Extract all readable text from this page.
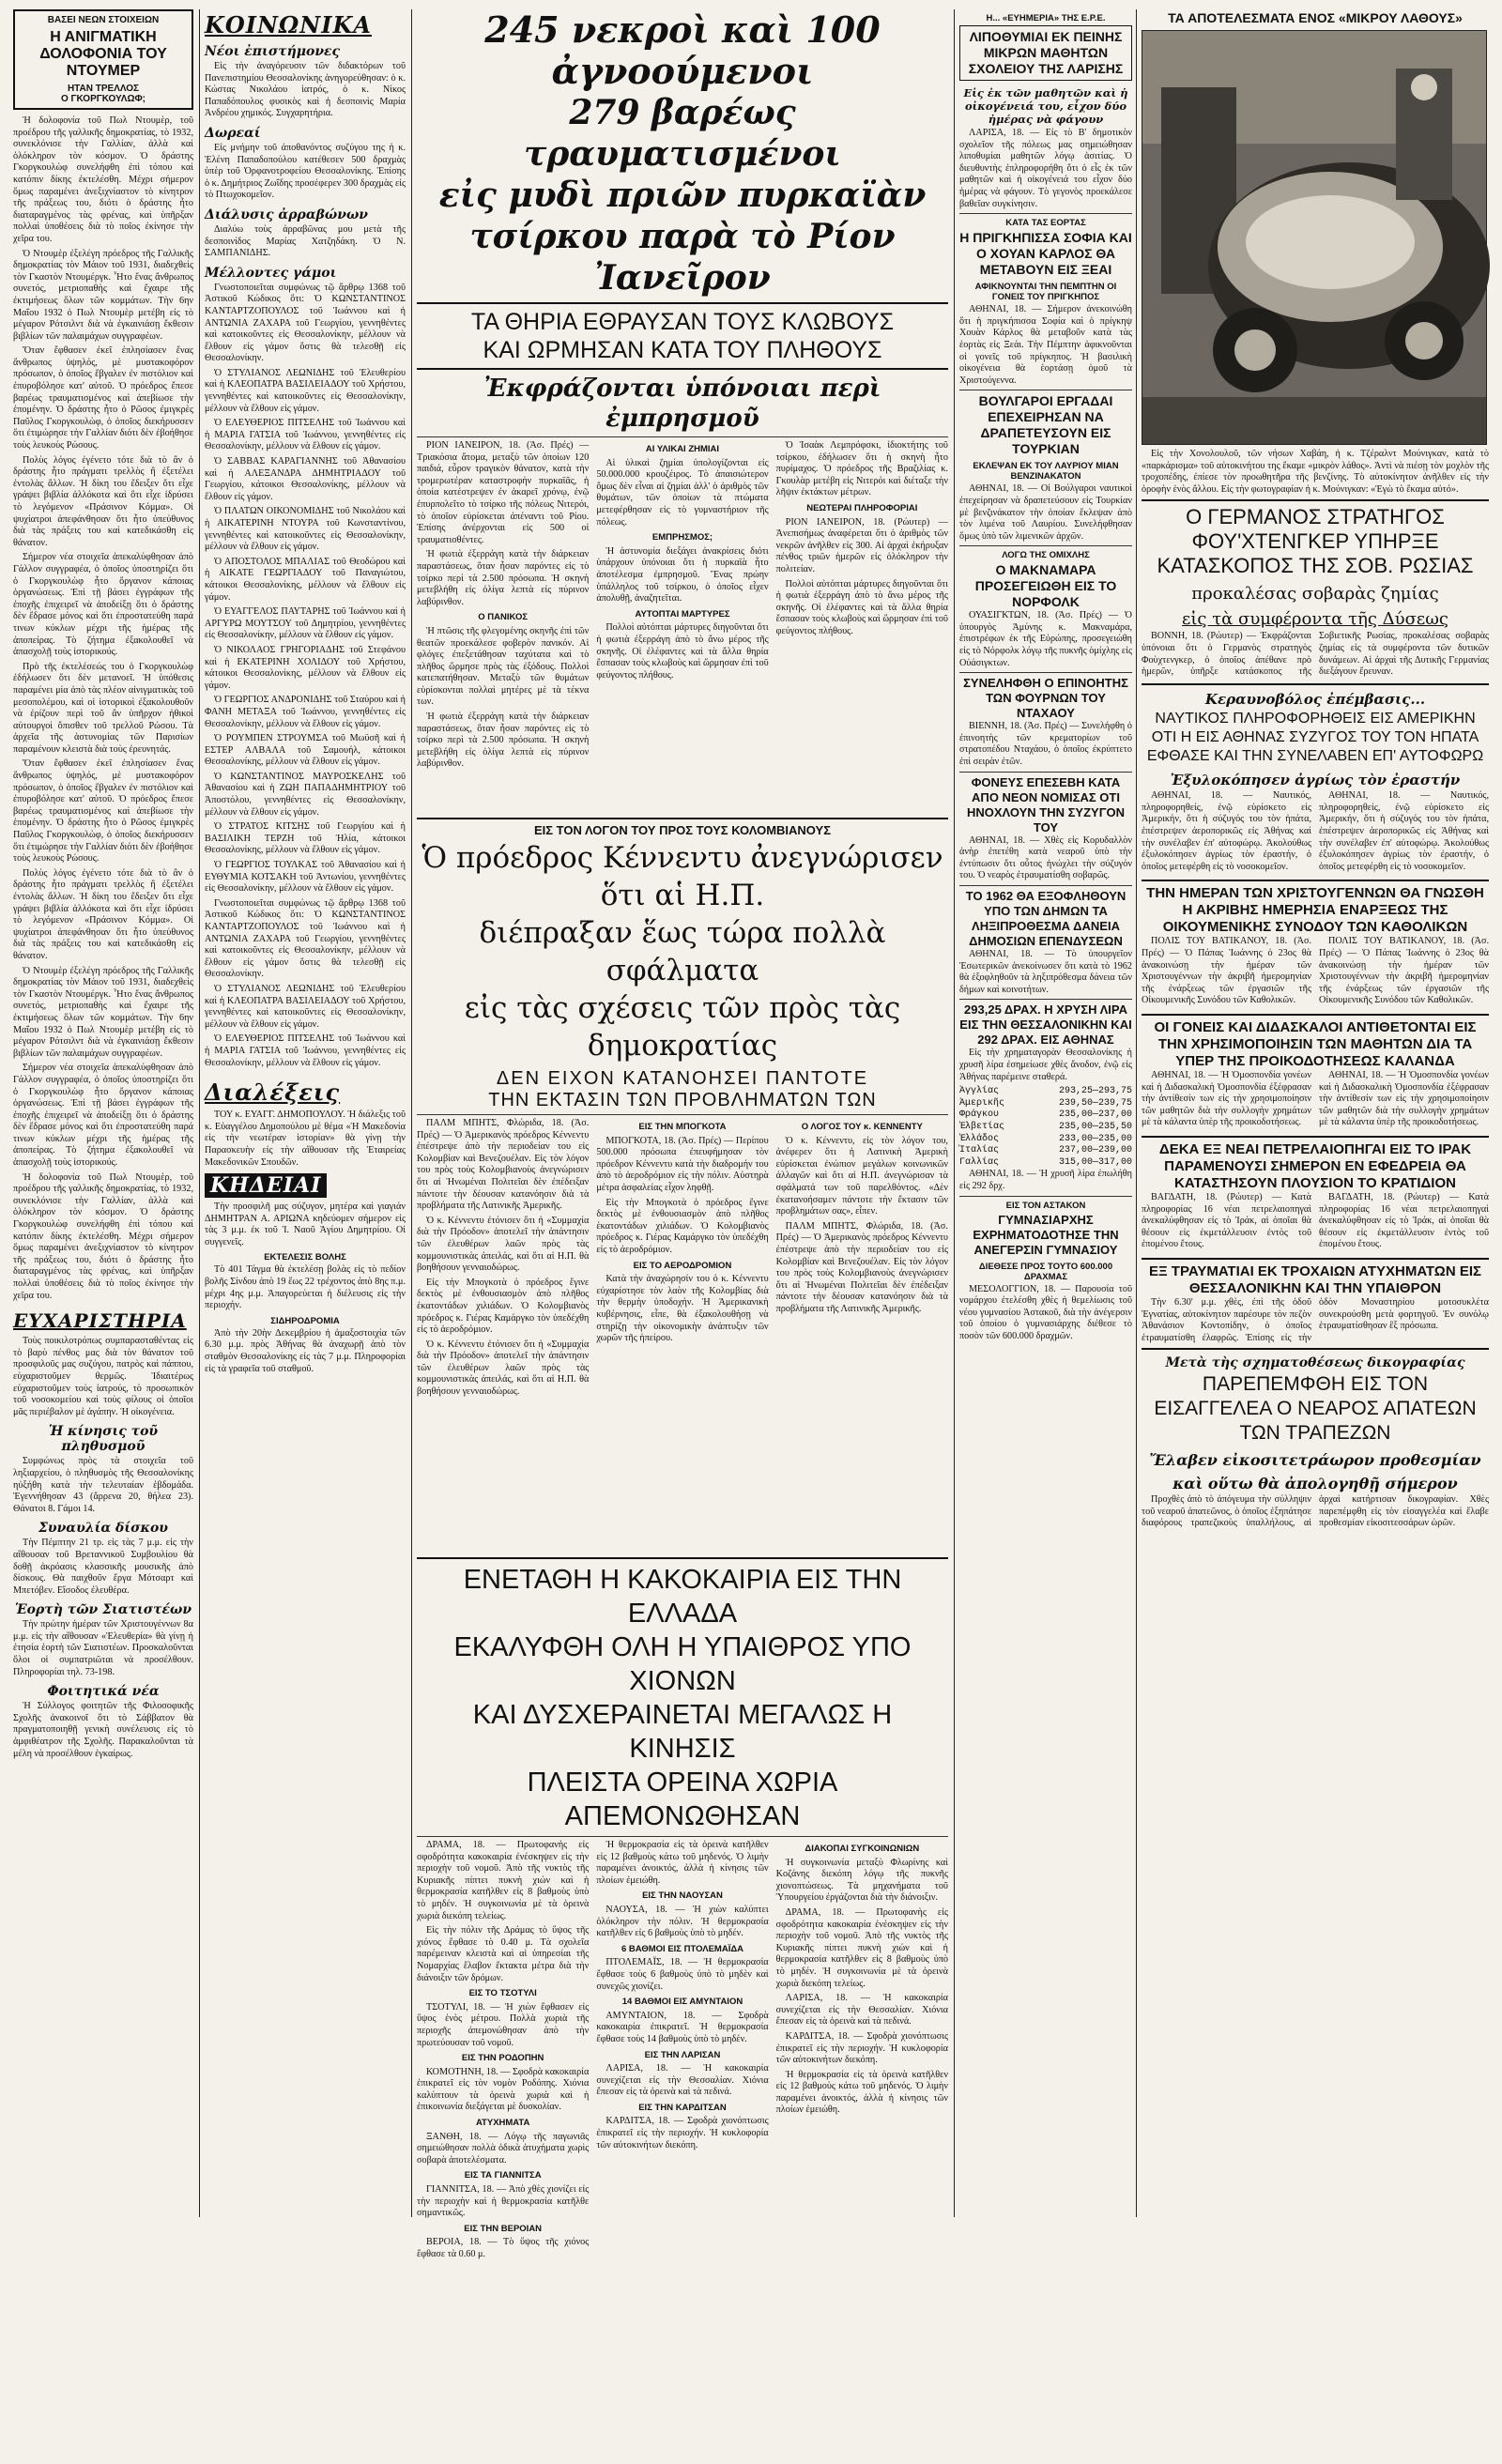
ΒΑΣΕΙ ΝΕΩΝ ΣΤΟΙΧΕΙΩΝ
Η ΑΝΙΓΜΑΤΙΚΗ ΔΟΛΟΦΟΝΙΑ ΤΟΥ ΝΤΟΥΜΕΡ
ΗΤΑΝ ΤΡΕΛΛΟΣ
Ο ΓΚΟΡΓΚΟΥΛΩΦ;

Ἡ δολοφονία τοῦ Πωλ Ντουμὲρ, τοῦ προέδρου τῆς γαλλικῆς δημοκρατίας, τὸ 1932, συνεκλόνισε τὴν Γαλλίαν, ἀλλὰ καὶ ὁλόκληρον τὸν κόσμον. Ὁ δράστης Γκοργκουλὼφ συνελήφθη ἐπὶ τόπου καὶ κατόπιν δίκης ἐκτελέσθη. Μέχρι σήμερον ὅμως παραμένει ἀνεξιχνίαστον τὸ κίνητρον τῆς πράξεως του, διότι ὁ δράστης ἦτο διαταραγμένος τὰς φρένας, καὶ ὑπῆρξαν πολλαὶ ὑποθέσεις διὰ τὸ ποῖος ἐκίνησε τὴν χεῖρα του.

Ὁ Ντουμὲρ ἐξελέγη πρόεδρος τῆς Γαλλικῆς δημοκρατίας τὸν Μάιον τοῦ 1931, διαδεχθεὶς τὸν Γκαστὸν Ντουμέργκ. Ἦτο ἕνας ἄνθρωπος συνετός, μετριοπαθὴς καὶ ἔχαιρε τῆς ἐκτιμήσεως ὅλων τῶν κομμάτων. Τὴν 6ην Μαΐου 1932 ὁ Πωλ Ντουμὲρ μετέβη εἰς τὸ μέγαρον Ρότσιλντ διὰ νὰ ἐγκαινιάσῃ ἔκθεσιν βιβλίων τῶν παλαιμάχων συγγραφέων.

Ὅταν ἔφθασεν ἐκεῖ ἐπλησίασεν ἕνας ἄνθρωπος ὑψηλός, μὲ μυστακοφόρον πρόσωπον, ὁ ὁποῖος ἔβγαλεν ἐν πιστόλιον καὶ ἐπυροβόλησε κατ' αὐτοῦ. Ὁ πρόεδρος ἔπεσε βαρέως τραυματισμένος καὶ ἀπεβίωσε τὴν ἑπομένην. Ὁ δράστης ἦτο ὁ Ρῶσος ἐμιγκρὲς Παῦλος Γκοργκουλὼφ, ὁ ὁποῖος διεκήρυσσεν ὅτι ἐτιμώρησε τὴν Γαλλίαν διότι δὲν ἐβοήθησε τοὺς λευκοὺς Ρώσους.

Πολὺς λόγος ἐγένετο τότε διὰ τὸ ἂν ὁ δράστης ἦτο πράγματι τρελλὸς ἢ ἐξετέλει ἐντολὰς ἄλλων. Ἡ δίκη του ἔδειξεν ὅτι εἶχε γράψει βιβλία ἀλλόκοτα καὶ ὅτι εἶχε ἱδρύσει τὸ λεγόμενον «Πράσινον Κόμμα». Οἱ ψυχίατροι ἀπεφάνθησαν ὅτι ἦτο ὑπεύθυνος διὰ τὰς πράξεις του καὶ κατεδικάσθη εἰς θάνατον.

Σήμερον νέα στοιχεῖα ἀπεκαλύφθησαν ἀπὸ Γάλλον συγγραφέα, ὁ ὁποῖος ὑποστηρίζει ὅτι ὁ Γκοργκουλὼφ ἦτο ὄργανον κάποιας ὀργανώσεως. Ἐπὶ τῇ βάσει ἐγγράφων τῆς ἐποχῆς ἐπιχειρεῖ νὰ ἀποδείξῃ ὅτι ὁ δράστης δὲν ἔδρασε μόνος καὶ ὅτι ἐπροστατεύθη παρά τινων κύκλων μέχρι τῆς ἡμέρας τῆς ἀποπείρας. Τὸ ζήτημα ἐξακολουθεῖ νὰ ἀπασχολῇ τοὺς ἱστορικούς.

Πρὸ τῆς ἐκτελέσεώς του ὁ Γκοργκουλὼφ ἐδήλωσεν ὅτι δὲν μετανοεῖ. Ἡ ὑπόθεσις παραμένει μία ἀπὸ τὰς πλέον αἰνιγματικὰς τοῦ μεσοπολέμου, καὶ οἱ ἱστορικοὶ ἐξακολουθοῦν νὰ ἐρίζουν περὶ τοῦ ἂν ὑπῆρχον ἠθικοὶ αὐτουργοὶ ὄπισθεν τοῦ τρελλοῦ Ρώσου. Τὰ ἀρχεῖα τῆς ἀστυνομίας τῶν Παρισίων παραμένουν κλειστὰ διὰ τοὺς ἐρευνητάς.

Ὅταν ἔφθασεν ἐκεῖ ἐπλησίασεν ἕνας ἄνθρωπος ὑψηλός, μὲ μυστακοφόρον πρόσωπον, ὁ ὁποῖος ἔβγαλεν ἐν πιστόλιον καὶ ἐπυροβόλησε κατ' αὐτοῦ. Ὁ πρόεδρος ἔπεσε βαρέως τραυματισμένος καὶ ἀπεβίωσε τὴν ἑπομένην. Ὁ δράστης ἦτο ὁ Ρῶσος ἐμιγκρὲς Παῦλος Γκοργκουλὼφ, ὁ ὁποῖος διεκήρυσσεν ὅτι ἐτιμώρησε τὴν Γαλλίαν διότι δὲν ἐβοήθησε τοὺς λευκοὺς Ρώσους.

Πολὺς λόγος ἐγένετο τότε διὰ τὸ ἂν ὁ δράστης ἦτο πράγματι τρελλὸς ἢ ἐξετέλει ἐντολὰς ἄλλων. Ἡ δίκη του ἔδειξεν ὅτι εἶχε γράψει βιβλία ἀλλόκοτα καὶ ὅτι εἶχε ἱδρύσει τὸ λεγόμενον «Πράσινον Κόμμα». Οἱ ψυχίατροι ἀπεφάνθησαν ὅτι ἦτο ὑπεύθυνος διὰ τὰς πράξεις του καὶ κατεδικάσθη εἰς θάνατον.

Ὁ Ντουμὲρ ἐξελέγη πρόεδρος τῆς Γαλλικῆς δημοκρατίας τὸν Μάιον τοῦ 1931, διαδεχθεὶς τὸν Γκαστὸν Ντουμέργκ. Ἦτο ἕνας ἄνθρωπος συνετός, μετριοπαθὴς καὶ ἔχαιρε τῆς ἐκτιμήσεως ὅλων τῶν κομμάτων. Τὴν 6ην Μαΐου 1932 ὁ Πωλ Ντουμὲρ μετέβη εἰς τὸ μέγαρον Ρότσιλντ διὰ νὰ ἐγκαινιάσῃ ἔκθεσιν βιβλίων τῶν παλαιμάχων συγγραφέων.

Σήμερον νέα στοιχεῖα ἀπεκαλύφθησαν ἀπὸ Γάλλον συγγραφέα, ὁ ὁποῖος ὑποστηρίζει ὅτι ὁ Γκοργκουλὼφ ἦτο ὄργανον κάποιας ὀργανώσεως. Ἐπὶ τῇ βάσει ἐγγράφων τῆς ἐποχῆς ἐπιχειρεῖ νὰ ἀποδείξῃ ὅτι ὁ δράστης δὲν ἔδρασε μόνος καὶ ὅτι ἐπροστατεύθη παρά τινων κύκλων μέχρι τῆς ἡμέρας τῆς ἀποπείρας. Τὸ ζήτημα ἐξακολουθεῖ νὰ ἀπασχολῇ τοὺς ἱστορικούς.

Ἡ δολοφονία τοῦ Πωλ Ντουμὲρ, τοῦ προέδρου τῆς γαλλικῆς δημοκρατίας, τὸ 1932, συνεκλόνισε τὴν Γαλλίαν, ἀλλὰ καὶ ὁλόκληρον τὸν κόσμον. Ὁ δράστης Γκοργκουλὼφ συνελήφθη ἐπὶ τόπου καὶ κατόπιν δίκης ἐκτελέσθη. Μέχρι σήμερον ὅμως παραμένει ἀνεξιχνίαστον τὸ κίνητρον τῆς πράξεως του, διότι ὁ δράστης ἦτο διαταραγμένος τὰς φρένας, καὶ ὑπῆρξαν πολλαὶ ὑποθέσεις διὰ τὸ ποῖος ἐκίνησε τὴν χεῖρα του.

ΕΥΧΑΡΙΣΤΗΡΙΑ

Τοὺς ποικιλοτρόπως συμπαρασταθέντας εἰς τὸ βαρὺ πένθος μας διὰ τὸν θάνατον τοῦ προσφιλοῦς μας συζύγου, πατρὸς καὶ πάππου, εὐχαριστοῦμεν θερμῶς. Ἰδιαιτέρως εὐχαριστοῦμεν τοὺς ἰατρούς, τὸ προσωπικὸν τοῦ νοσοκομείου καὶ τοὺς φίλους οἱ ὁποῖοι μᾶς περιέβαλον μὲ ἀγάπην. Ἡ οἰκογένεια.

Ἡ κίνησις τοῦ πληθυσμοῦ

Συμφώνως πρὸς τὰ στοιχεῖα τοῦ ληξιαρχείου, ὁ πληθυσμὸς τῆς Θεσσαλονίκης ηὐξήθη κατὰ τὴν τελευταίαν ἑβδομάδα. Ἐγεννήθησαν 43 (ἄρρενα 20, θήλεα 23). Θάνατοι 8. Γάμοι 14.

Συναυλία δίσκου

Τὴν Πέμπτην 21 τρ. εἰς τὰς 7 μ.μ. εἰς τὴν αἴθουσαν τοῦ Βρεταννικοῦ Συμβουλίου θὰ δοθῇ ἀκρόασις κλασσικῆς μουσικῆς ἀπὸ δίσκους. Θὰ παιχθοῦν ἔργα Μότσαρτ καὶ Μπετόβεν. Εἴσοδος ἐλευθέρα.

Ἑορτὴ τῶν Σιατιστέων

Τὴν πρώτην ἡμέραν τῶν Χριστουγέννων 8α μ.μ. εἰς τὴν αἴθουσαν «Ἑλευθερία» θὰ γίνῃ ἡ ἐτησία ἑορτὴ τῶν Σιατιστέων. Προσκαλοῦνται ὅλοι οἱ συμπατριῶται νὰ προσέλθουν. Πληροφορίαι τηλ. 73-198.

Φοιτητικά νέα

Ἡ Σύλλογος φοιτητῶν τῆς Φιλοσοφικῆς Σχολῆς ἀνακοινοῖ ὅτι τὸ Σάββατον θὰ πραγματοποιηθῇ γενικὴ συνέλευσις εἰς τὸ ἀμφιθέατρον τῆς Σχολῆς. Παρακαλοῦνται τὰ μέλη νὰ προσέλθουν ἐγκαίρως.

ΚΟΙΝΩΝΙΚΑ
Νέοι ἐπιστήμονες

Εἰς τὴν ἀναγόρευσιν τῶν διδακτόρων τοῦ Πανεπιστημίου Θεσσαλονίκης ἀνηγορεύθησαν: ὁ κ. Κώστας Νικολάου ἰατρός, ὁ κ. Νίκος Παπαδόπουλος φυσικὸς καὶ ἡ δεσποινὶς Μαρία Ἀνδρέου χημικός. Συγχαρητήρια.

Δωρεαί

Εἰς μνήμην τοῦ ἀποθανόντος συζύγου της ἡ κ. Ἑλένη Παπαδοπούλου κατέθεσεν 500 δραχμὰς ὑπὲρ τοῦ Ὀρφανοτροφείου Θεσσαλονίκης. Ἐπίσης ὁ κ. Δημήτριος Ζωΐδης προσέφερεν 300 δραχμὰς εἰς τὸ Πτωχοκομεῖον.

Διάλυσις ἀρραβώνων

Διαλύω τοὺς ἀρραβῶνας μου μετὰ τῆς δεσποινίδος Μαρίας Χατζηδάκη. Ὁ Ν. ΣΑΜΠΑΝΙΔΗΣ.

Μέλλοντες γάμοι

Γνωστοποιεῖται συμφώνως τῷ ἄρθρῳ 1368 τοῦ Ἀστικοῦ Κώδικος ὅτι: Ὁ ΚΩΝΣΤΑΝΤΙΝΟΣ ΚΑΝΤΑΡΤΖΟΠΟΥΛΟΣ τοῦ Ἰωάννου καὶ ἡ ΑΝΤΩΝΙΑ ΖΑΧΑΡΑ τοῦ Γεωργίου, γεννηθέντες καὶ κατοικοῦντες εἰς Θεσσαλονίκην, μέλλουν νὰ ἔλθουν εἰς γάμον ὅστις θὰ τελεσθῇ εἰς Θεσσαλονίκην.

Ὁ ΣΤΥΛΙΑΝΟΣ ΛΕΩΝΙΔΗΣ τοῦ Ἐλευθερίου καὶ ἡ ΚΛΕΟΠΑΤΡΑ ΒΑΣΙΛΕΙΑΔΟΥ τοῦ Χρήστου, γεννηθέντες καὶ κατοικοῦντες εἰς Θεσσαλονίκην, μέλλουν νὰ ἔλθουν εἰς γάμον.

Ὁ ΕΛΕΥΘΕΡΙΟΣ ΠΙΤΣΕΛΗΣ τοῦ Ἰωάννου καὶ ἡ ΜΑΡΙΑ ΓΑΤΣΙΑ τοῦ Ἰωάννου, γεννηθέντες εἰς Θεσσαλονίκην, μέλλουν νὰ ἔλθουν εἰς γάμον.

Ὁ ΣΑΒΒΑΣ ΚΑΡΑΓΙΑΝΝΗΣ τοῦ Ἀθανασίου καὶ ἡ ΑΛΕΞΑΝΔΡΑ ΔΗΜΗΤΡΙΑΔΟΥ τοῦ Γεωργίου, κάτοικοι Θεσσαλονίκης, μέλλουν νὰ ἔλθουν εἰς γάμον.

Ὁ ΠΛΑΤΩΝ ΟΙΚΟΝΟΜΙΔΗΣ τοῦ Νικολάου καὶ ἡ ΑΙΚΑΤΕΡΙΝΗ ΝΤΟΥΡΑ τοῦ Κωνσταντίνου, γεννηθέντες καὶ κατοικοῦντες εἰς Θεσσαλονίκην, μέλλουν νὰ ἔλθουν εἰς γάμον.

Ὁ ΑΠΟΣΤΟΛΟΣ ΜΠΑΛΙΑΣ τοῦ Θεοδώρου καὶ ἡ ΑΙΚΑΤΕ ΓΕΩΡΓΙΑΔΟΥ τοῦ Παναγιώτου, κάτοικοι Θεσσαλονίκης, μέλλουν νὰ ἔλθουν εἰς γάμον.

Ὁ ΕΥΑΓΓΕΛΟΣ ΠΑΥΤΑΡΗΣ τοῦ Ἰωάννου καὶ ἡ ΑΡΓΥΡΩ ΜΟΥΤΣΟΥ τοῦ Δημητρίου, γεννηθέντες εἰς Θεσσαλονίκην, μέλλουν νὰ ἔλθουν εἰς γάμον.

Ὁ ΝΙΚΟΛΑΟΣ ΓΡΗΓΟΡΙΑΔΗΣ τοῦ Στεφάνου καὶ ἡ ΕΚΑΤΕΡΙΝΗ ΧΟΛΙΔΟΥ τοῦ Χρήστου, κάτοικοι Θεσσαλονίκης, μέλλουν νὰ ἔλθουν εἰς γάμον.

Ὁ ΓΕΩΡΓΙΟΣ ΑΝΔΡΟΝΙΔΗΣ τοῦ Σταύρου καὶ ἡ ΦΑΝΗ ΜΕΤΑΞΑ τοῦ Ἰωάννου, γεννηθέντες εἰς Θεσσαλονίκην, μέλλουν νὰ ἔλθουν εἰς γάμον.

Ὁ ΡΟΥΜΠΕΝ ΣΤΡΟΥΜΣΑ τοῦ Μωϋσῆ καὶ ἡ ΕΣΤΕΡ ΑΛΒΑΛΑ τοῦ Σαμουήλ, κάτοικοι Θεσσαλονίκης, μέλλουν νὰ ἔλθουν εἰς γάμον.

Ὁ ΚΩΝΣΤΑΝΤΙΝΟΣ ΜΑΥΡΟΣΚΕΛΗΣ τοῦ Ἀθανασίου καὶ ἡ ΖΩΗ ΠΑΠΑΔΗΜΗΤΡΙΟΥ τοῦ Ἀποστόλου, γεννηθέντες εἰς Θεσσαλονίκην, μέλλουν νὰ ἔλθουν εἰς γάμον.

Ὁ ΣΤΡΑΤΟΣ ΚΙΤΣΗΣ τοῦ Γεωργίου καὶ ἡ ΒΑΣΙΛΙΚΗ ΤΕΡΖΗ τοῦ Ἠλία, κάτοικοι Θεσσαλονίκης, μέλλουν νὰ ἔλθουν εἰς γάμον.

Ὁ ΓΕΩΡΓΙΟΣ ΤΟΥΛΚΑΣ τοῦ Ἀθανασίου καὶ ἡ ΕΥΘΥΜΙΑ ΚΟΤΣΑΚΗ τοῦ Ἀντωνίου, γεννηθέντες εἰς Θεσσαλονίκην, μέλλουν νὰ ἔλθουν εἰς γάμον.

Γνωστοποιεῖται συμφώνως τῷ ἄρθρῳ 1368 τοῦ Ἀστικοῦ Κώδικος ὅτι: Ὁ ΚΩΝΣΤΑΝΤΙΝΟΣ ΚΑΝΤΑΡΤΖΟΠΟΥΛΟΣ τοῦ Ἰωάννου καὶ ἡ ΑΝΤΩΝΙΑ ΖΑΧΑΡΑ τοῦ Γεωργίου, γεννηθέντες καὶ κατοικοῦντες εἰς Θεσσαλονίκην, μέλλουν νὰ ἔλθουν εἰς γάμον ὅστις θὰ τελεσθῇ εἰς Θεσσαλονίκην.

Ὁ ΣΤΥΛΙΑΝΟΣ ΛΕΩΝΙΔΗΣ τοῦ Ἐλευθερίου καὶ ἡ ΚΛΕΟΠΑΤΡΑ ΒΑΣΙΛΕΙΑΔΟΥ τοῦ Χρήστου, γεννηθέντες καὶ κατοικοῦντες εἰς Θεσσαλονίκην, μέλλουν νὰ ἔλθουν εἰς γάμον.

Ὁ ΕΛΕΥΘΕΡΙΟΣ ΠΙΤΣΕΛΗΣ τοῦ Ἰωάννου καὶ ἡ ΜΑΡΙΑ ΓΑΤΣΙΑ τοῦ Ἰωάννου, γεννηθέντες εἰς Θεσσαλονίκην, μέλλουν νὰ ἔλθουν εἰς γάμον.

Διαλέξεις

ΤΟΥ κ. ΕΥΑΓΓ. ΔΗΜΟΠΟΥΛΟΥ. Ἡ διάλεξις τοῦ κ. Εὐαγγέλου Δημοπούλου μὲ θέμα «Ἡ Μακεδονία εἰς τὴν νεωτέραν ἱστορίαν» θὰ γίνῃ τὴν Παρασκευὴν εἰς τὴν αἴθουσαν τῆς Ἑταιρείας Μακεδονικῶν Σπουδῶν.

ΚΗΔΕΙΑΙ

Τὴν προσφιλῆ μας σύζυγον, μητέρα καὶ γιαγιάν ΔΗΜΗΤΡΑΝ Α. ΑΡΙΩΝΑ κηδεύομεν σήμερον εἰς τὰς 3 μ.μ. ἐκ τοῦ Ἱ. Ναοῦ Ἁγίου Δημητρίου. Οἱ συγγενεῖς.

ΕΚΤΕΛΕΣΙΣ ΒΟΛΗΣ

Τὸ 401 Τάγμα θὰ ἐκτελέσῃ βολὰς εἰς τὸ πεδίον βολῆς Σίνδου ἀπὸ 19 ἕως 22 τρέχοντος ἀπὸ 8ης π.μ. μέχρι 4ης μ.μ. Ἀπαγορεύεται ἡ διέλευσις εἰς τὴν περιοχήν.

ΣΙΔΗΡΟΔΡΟΜΙΑ

Ἀπὸ τὴν 20ὴν Δεκεμβρίου ἡ ἀμαξοστοιχία τῶν 6.30 μ.μ. πρὸς Ἀθήνας θὰ ἀναχωρῇ ἀπὸ τὸν σταθμὸν Θεσσαλονίκης εἰς τὰς 7 μ.μ. Πληροφορίαι εἰς τὰ γραφεῖα τοῦ σταθμοῦ.

245 νεκροὶ καὶ 100 ἀγνοούμενοι
279 βαρέως τραυματισμένοι
εἰς μυδὶ πριῶν πυρκαϊὰν
τσίρκου παρὰ τὸ Ρίον Ἰανεῖρον
ΤΑ ΘΗΡΙΑ ΕΘΡΑΥΣΑΝ ΤΟΥΣ ΚΛΩΒΟΥΣ
ΚΑΙ ΩΡΜΗΣΑΝ ΚΑΤΑ ΤΟΥ ΠΛΗΘΟΥΣ
Ἐκφράζονται ὑπόνοιαι περὶ ἐμπρησμοῦ

ΡΙΟΝ ΙΑΝΕΙΡΟΝ, 18. (Ἀσ. Πρές) — Τριακόσια ἄτομα, μεταξὺ τῶν ὁποίων 120 παιδιά, εὗρον τραγικὸν θάνατον, κατὰ τὴν τρομερωτέραν καταστροφὴν πυρκαϊᾶς, ἡ ὁποία κατέστρεψεν ἐν ἀκαρεῖ χρόνῳ, ἐνῷ ἐπυρπολεῖτο τὸ τσίρκο τῆς πόλεως Νιτερόι, τὸ ὁποῖον εὑρίσκεται ἀπέναντι τοῦ Ρίου. Ἐπίσης ἀνέρχονται εἰς 500 οἱ τραυματισθέντες.

Ἡ φωτιὰ ἐξερράγη κατὰ τὴν διάρκειαν παραστάσεως, ὅταν ἦσαν παρόντες εἰς τὸ τσίρκο περὶ τὰ 2.500 πρόσωπα. Ἡ σκηνὴ μετεβλήθη εἰς ὀλίγα λεπτὰ εἰς πύρινον λαβύρινθον.

Ο ΠΑΝΙΚΟΣ

Ἡ πτῶσις τῆς φλεγομένης σκηνῆς ἐπὶ τῶν θεατῶν προεκάλεσε φοβερὸν πανικόν. Αἱ φλόγες ἐπεξετάθησαν ταχύτατα καὶ τὸ πλῆθος ὥρμησε πρὸς τὰς ἐξόδους. Πολλοὶ κατεπατήθησαν. Μεταξὺ τῶν θυμάτων εὑρίσκονται πολλαὶ μητέρες μὲ τὰ τέκνα των.

Ἡ φωτιὰ ἐξερράγη κατὰ τὴν διάρκειαν παραστάσεως, ὅταν ἦσαν παρόντες εἰς τὸ τσίρκο περὶ τὰ 2.500 πρόσωπα. Ἡ σκηνὴ μετεβλήθη εἰς ὀλίγα λεπτὰ εἰς πύρινον λαβύρινθον.

ΑΙ ΥΛΙΚΑΙ ΖΗΜΙΑΙ

Αἱ ὑλικαὶ ζημίαι ὑπολογίζονται εἰς 50.000.000 κρουζέιρος. Τὸ ἀπαισιώτερον ὅμως δὲν εἶναι αἱ ζημίαι ἀλλ' ὁ ἀριθμὸς τῶν θυμάτων, τῶν ὁποίων τὰ πτώματα μετεφέρθησαν εἰς τὸ γυμναστήριον τῆς πόλεως.

ΕΜΠΡΗΣΜΟΣ;

Ἡ ἀστυνομία διεξάγει ἀνακρίσεις διότι ὑπάρχουν ὑπόνοιαι ὅτι ἡ πυρκαϊὰ ἦτο ἀποτέλεσμα ἐμπρησμοῦ. Ἕνας πρώην ὑπάλληλος τοῦ τσίρκου, ὁ ὁποῖος εἶχεν ἀπολυθῇ, ἀναζητεῖται.

ΑΥΤΟΠΤΑΙ ΜΑΡΤΥΡΕΣ

Πολλοὶ αὐτόπται μάρτυρες διηγοῦνται ὅτι ἡ φωτιὰ ἐξερράγη ἀπὸ τὸ ἄνω μέρος τῆς σκηνῆς. Οἱ ἐλέφαντες καὶ τὰ ἄλλα θηρία ἔσπασαν τοὺς κλωβοὺς καὶ ὥρμησαν ἐπὶ τοῦ φεύγοντος πλήθους.

Ὁ Ἰσαὰκ Λεμπρόφσκι, ἰδιοκτήτης τοῦ τσίρκου, ἐδήλωσεν ὅτι ἡ σκηνὴ ἦτο πυρίμαχος. Ὁ πρόεδρος τῆς Βραζιλίας κ. Γκουλὰρ μετέβη εἰς Νιτερόι καὶ διέταξε τὴν λῆψιν ἐκτάκτων μέτρων.

ΝΕΩΤΕΡΑΙ ΠΛΗΡΟΦΟΡΙΑΙ

ΡΙΟΝ ΙΑΝΕΙΡΟΝ, 18. (Ρώυτερ) — Ἀνεπισήμως ἀναφέρεται ὅτι ὁ ἀριθμὸς τῶν νεκρῶν ἀνῆλθεν εἰς 300. Αἱ ἀρχαὶ ἐκήρυξαν πένθος τριῶν ἡμερῶν εἰς ὁλόκληρον τὴν πολιτείαν.

Πολλοὶ αὐτόπται μάρτυρες διηγοῦνται ὅτι ἡ φωτιὰ ἐξερράγη ἀπὸ τὸ ἄνω μέρος τῆς σκηνῆς. Οἱ ἐλέφαντες καὶ τὰ ἄλλα θηρία ἔσπασαν τοὺς κλωβοὺς καὶ ὥρμησαν ἐπὶ τοῦ φεύγοντος πλήθους.

ΕΙΣ ΤΟΝ ΛΟΓΟΝ ΤΟΥ ΠΡΟΣ ΤΟΥΣ ΚΟΛΟΜΒΙΑΝΟΥΣ
Ὁ πρόεδρος Κέννεντυ ἀνεγνώρισεν ὅτι αἱ Η.Π.
διέπραξαν ἕως τώρα πολλὰ σφάλματα
εἰς τὰς σχέσεις τῶν πρὸς τὰς δημοκρατίας
ΔΕΝ ΕΙΧΟΝ ΚΑΤΑΝΟΗΣΕΙ ΠΑΝΤΟΤΕ
ΤΗΝ ΕΚΤΑΣΙΝ ΤΩΝ ΠΡΟΒΛΗΜΑΤΩΝ ΤΩΝ

ΠΑΛΜ ΜΠΗΤΣ, Φλώριδα, 18. (Ἀσ. Πρές) — Ὁ Ἀμερικανὸς πρόεδρος Κέννεντυ ἐπέστρεψε ἀπὸ τὴν περιοδείαν του εἰς Κολομβίαν καὶ Βενεζουέλαν. Εἰς τὸν λόγον του πρὸς τοὺς Κολομβιανοὺς ἀνεγνώρισεν ὅτι αἱ Ἡνωμέναι Πολιτεῖαι δὲν ἐπέδειξαν πάντοτε τὴν δέουσαν κατανόησιν διὰ τὰ προβλήματα τῆς Λατινικῆς Ἀμερικῆς.

Ὁ κ. Κέννεντυ ἐτόνισεν ὅτι ἡ «Συμμαχία διὰ τὴν Πρόοδον» ἀποτελεῖ τὴν ἀπάντησιν τῶν ἐλευθέρων λαῶν πρὸς τὰς κομμουνιστικὰς ἀπειλάς, καὶ ὅτι αἱ Η.Π. θὰ βοηθήσουν γενναιοδώρως.

Εἰς τὴν Μπογκοτὰ ὁ πρόεδρος ἔγινε δεκτὸς μὲ ἐνθουσιασμὸν ἀπὸ πλῆθος ἑκατοντάδων χιλιάδων. Ὁ Κολομβιανὸς πρόεδρος κ. Γιέρας Καμάργκο τὸν ὑπεδέχθη εἰς τὸ ἀεροδρόμιον.

Ὁ κ. Κέννεντυ ἐτόνισεν ὅτι ἡ «Συμμαχία διὰ τὴν Πρόοδον» ἀποτελεῖ τὴν ἀπάντησιν τῶν ἐλευθέρων λαῶν πρὸς τὰς κομμουνιστικὰς ἀπειλάς, καὶ ὅτι αἱ Η.Π. θὰ βοηθήσουν γενναιοδώρως.

ΕΙΣ ΤΗΝ ΜΠΟΓΚΟΤΑ

ΜΠΟΓΚΟΤΑ, 18. (Ἀσ. Πρές) — Περίπου 500.000 πρόσωπα ἐπευφήμησαν τὸν πρόεδρον Κέννεντυ κατὰ τὴν διαδρομήν του ἀπὸ τὸ ἀεροδρόμιον εἰς τὴν πόλιν. Αὐστηρὰ μέτρα ἀσφαλείας εἶχον ληφθῇ.

Εἰς τὴν Μπογκοτὰ ὁ πρόεδρος ἔγινε δεκτὸς μὲ ἐνθουσιασμὸν ἀπὸ πλῆθος ἑκατοντάδων χιλιάδων. Ὁ Κολομβιανὸς πρόεδρος κ. Γιέρας Καμάργκο τὸν ὑπεδέχθη εἰς τὸ ἀεροδρόμιον.

ΕΙΣ ΤΟ ΑΕΡΟΔΡΟΜΙΟΝ

Κατὰ τὴν ἀναχώρησίν του ὁ κ. Κέννεντυ εὐχαρίστησε τὸν λαὸν τῆς Κολομβίας διὰ τὴν θερμὴν ὑποδοχήν. Ἡ Ἀμερικανικὴ κυβέρνησις, εἶπε, θὰ ἐξακολουθήσῃ νὰ στηρίζῃ τὴν οἰκονομικὴν ἀνάπτυξιν τῶν χωρῶν τῆς ἠπείρου.

Ο ΛΟΓΟΣ ΤΟΥ κ. ΚΕΝΝΕΝΤΥ

Ὁ κ. Κέννεντυ, εἰς τὸν λόγον του, ἀνέφερεν ὅτι ἡ Λατινικὴ Ἀμερικὴ εὑρίσκεται ἐνώπιον μεγάλων κοινωνικῶν ἀλλαγῶν καὶ ὅτι αἱ Η.Π. ἀνεγνώρισαν τὰ σφάλματά των τοῦ παρελθόντος. «Δὲν ἐκατανοήσαμεν πάντοτε τὴν ἔκτασιν τῶν προβλημάτων σας», εἶπεν.

ΠΑΛΜ ΜΠΗΤΣ, Φλώριδα, 18. (Ἀσ. Πρές) — Ὁ Ἀμερικανὸς πρόεδρος Κέννεντυ ἐπέστρεψε ἀπὸ τὴν περιοδείαν του εἰς Κολομβίαν καὶ Βενεζουέλαν. Εἰς τὸν λόγον του πρὸς τοὺς Κολομβιανοὺς ἀνεγνώρισεν ὅτι αἱ Ἡνωμέναι Πολιτεῖαι δὲν ἐπέδειξαν πάντοτε τὴν δέουσαν κατανόησιν διὰ τὰ προβλήματα τῆς Λατινικῆς Ἀμερικῆς.

ΕΝΕΤΑΘΗ Η ΚΑΚΟΚΑΙΡΙΑ ΕΙΣ ΤΗΝ ΕΛΛΑΔΑ
ΕΚΑΛΥΦΘΗ ΟΛΗ Η ΥΠΑΙΘΡΟΣ ΥΠΟ ΧΙΟΝΩΝ
ΚΑΙ ΔΥΣΧΕΡΑΙΝΕΤΑΙ ΜΕΓΑΛΩΣ Η ΚΙΝΗΣΙΣ
ΠΛΕΙΣΤΑ ΟΡΕΙΝΑ ΧΩΡΙΑ ΑΠΕΜΟΝΩΘΗΣΑΝ

ΔΡΑΜΑ, 18. — Πρωτοφανὴς εἰς σφοδρότητα κακοκαιρία ἐνέσκηψεν εἰς τὴν περιοχὴν τοῦ νομοῦ. Ἀπὸ τῆς νυκτὸς τῆς Κυριακῆς πίπτει πυκνὴ χιών καὶ ἡ θερμοκρασία κατῆλθεν εἰς 8 βαθμοὺς ὑπὸ τὸ μηδέν. Ἡ συγκοινωνία μὲ τὰ ὀρεινὰ χωριὰ διεκόπη τελείως.

Εἰς τὴν πόλιν τῆς Δράμας τὸ ὕψος τῆς χιόνος ἔφθασε τὸ 0.40 μ. Τὰ σχολεῖα παρέμειναν κλειστὰ καὶ αἱ ὑπηρεσίαι τῆς Νομαρχίας ἔλαβον ἔκτακτα μέτρα διὰ τὴν διάνοιξιν τῶν δρόμων.

ΕΙΣ ΤΟ ΤΣΟΤΥΛΙ

ΤΣΟΤΥΛΙ, 18. — Ἡ χιὼν ἔφθασεν εἰς ὕψος ἑνὸς μέτρου. Πολλὰ χωριὰ τῆς περιοχῆς ἀπεμονώθησαν ἀπὸ τὴν πρωτεύουσαν τοῦ νομοῦ.

ΕΙΣ ΤΗΝ ΡΟΔΟΠΗΝ

ΚΟΜΟΤΗΝΗ, 18. — Σφοδρὰ κακοκαιρία ἐπικρατεῖ εἰς τὸν νομὸν Ροδόπης. Χιόνια καλύπτουν τὰ ὀρεινὰ χωριὰ καὶ ἡ ἐπικοινωνία διεξάγεται μὲ δυσκολίαν.

ΑΤΥΧΗΜΑΤΑ

ΞΑΝΘΗ, 18. — Λόγῳ τῆς παγωνιᾶς σημειώθησαν πολλὰ ὁδικὰ ἀτυχήματα χωρὶς σοβαρὰ ἀποτελέσματα.

ΕΙΣ ΤΑ ΓΙΑΝΝΙΤΣΑ

ΓΙΑΝΝΙΤΣΑ, 18. — Ἀπὸ χθὲς χιονίζει εἰς τὴν περιοχὴν καὶ ἡ θερμοκρασία κατῆλθε σημαντικῶς.

ΕΙΣ ΤΗΝ ΒΕΡΟΙΑΝ

ΒΕΡΟΙΑ, 18. — Τὸ ὕψος τῆς χιόνος ἔφθασε τὰ 0.60 μ.

Ἡ θερμοκρασία εἰς τὰ ὀρεινὰ κατῆλθεν εἰς 12 βαθμοὺς κάτω τοῦ μηδενός. Ὁ λιμὴν παραμένει ἀνοικτός, ἀλλὰ ἡ κίνησις τῶν πλοίων ἐμειώθη.

ΕΙΣ ΤΗΝ ΝΑΟΥΣΑΝ

ΝΑΟΥΣΑ, 18. — Ἡ χιὼν καλύπτει ὁλόκληρον τὴν πόλιν. Ἡ θερμοκρασία κατῆλθεν εἰς 6 βαθμοὺς ὑπὸ τὸ μηδέν.

6 ΒΑΘΜΟΙ ΕΙΣ ΠΤΟΛΕΜΑΪΔΑ

ΠΤΟΛΕΜΑΪΣ, 18. — Ἡ θερμοκρασία ἔφθασε τοὺς 6 βαθμοὺς ὑπὸ τὸ μηδὲν καὶ συνεχῶς χιονίζει.

14 ΒΑΘΜΟΙ ΕΙΣ ΑΜΥΝΤΑΙΟΝ

ΑΜΥΝΤΑΙΟΝ, 18. — Σφοδρὰ κακοκαιρία ἐπικρατεῖ. Ἡ θερμοκρασία ἔφθασε τοὺς 14 βαθμοὺς ὑπὸ τὸ μηδέν.

ΕΙΣ ΤΗΝ ΛΑΡΙΣΑΝ

ΛΑΡΙΣΑ, 18. — Ἡ κακοκαιρία συνεχίζεται εἰς τὴν Θεσσαλίαν. Χιόνια ἔπεσαν εἰς τὰ ὀρεινὰ καὶ τὰ πεδινά.

ΕΙΣ ΤΗΝ ΚΑΡΔΙΤΣΑΝ

ΚΑΡΔΙΤΣΑ, 18. — Σφοδρὰ χιονόπτωσις ἐπικρατεῖ εἰς τὴν περιοχήν. Ἡ κυκλοφορία τῶν αὐτοκινήτων διεκόπη.

ΔΙΑΚΟΠΑΙ ΣΥΓΚΟΙΝΩΝΙΩΝ

Ἡ συγκοινωνία μεταξὺ Φλωρίνης καὶ Κοζάνης διεκόπη λόγῳ τῆς πυκνῆς χιονοπτώσεως. Τὰ μηχανήματα τοῦ Ὑπουργείου ἐργάζονται διὰ τὴν διάνοιξιν.

ΔΡΑΜΑ, 18. — Πρωτοφανὴς εἰς σφοδρότητα κακοκαιρία ἐνέσκηψεν εἰς τὴν περιοχὴν τοῦ νομοῦ. Ἀπὸ τῆς νυκτὸς τῆς Κυριακῆς πίπτει πυκνὴ χιών καὶ ἡ θερμοκρασία κατῆλθεν εἰς 8 βαθμοὺς ὑπὸ τὸ μηδέν. Ἡ συγκοινωνία μὲ τὰ ὀρεινὰ χωριὰ διεκόπη τελείως.

ΛΑΡΙΣΑ, 18. — Ἡ κακοκαιρία συνεχίζεται εἰς τὴν Θεσσαλίαν. Χιόνια ἔπεσαν εἰς τὰ ὀρεινὰ καὶ τὰ πεδινά.

ΚΑΡΔΙΤΣΑ, 18. — Σφοδρὰ χιονόπτωσις ἐπικρατεῖ εἰς τὴν περιοχήν. Ἡ κυκλοφορία τῶν αὐτοκινήτων διεκόπη.

Ἡ θερμοκρασία εἰς τὰ ὀρεινὰ κατῆλθεν εἰς 12 βαθμοὺς κάτω τοῦ μηδενός. Ὁ λιμὴν παραμένει ἀνοικτός, ἀλλὰ ἡ κίνησις τῶν πλοίων ἐμειώθη.

Η... «ΕΥΗΜΕΡΙΑ» ΤΗΣ Ε.Ρ.Ε.
ΛΙΠΟΘΥΜΙΑΙ ΕΚ ΠΕΙΝΗΣ ΜΙΚΡΩΝ ΜΑΘΗΤΩΝ ΣΧΟΛΕΙΟΥ ΤΗΣ ΛΑΡΙΣΗΣ
Εἰς ἐκ τῶν μαθητῶν καὶ ἡ οἰκογένειά του, εἶχον δύο ἡμέρας νὰ φάγουν

ΛΑΡΙΣΑ, 18. — Εἰς τὸ Β' δημοτικὸν σχολεῖον τῆς πόλεως μας σημειώθησαν λιποθυμίαι μαθητῶν λόγῳ ἀσιτίας. Ὁ διευθυντὴς ἐπληροφορήθη ὅτι ὁ εἷς ἐκ τῶν μαθητῶν καὶ ἡ οἰκογένειά του εἶχον δύο ἡμέρας νὰ φάγουν. Τὸ γεγονὸς προεκάλεσε βαθεῖαν συγκίνησιν.

ΚΑΤΑ ΤΑΣ ΕΟΡΤΑΣ
Η ΠΡΙΓΚΗΠΙΣΣΑ ΣΟΦΙΑ ΚΑΙ Ο ΧΟΥΑΝ ΚΑΡΛΟΣ ΘΑ ΜΕΤΑΒΟΥΝ ΕΙΣ ΞΕΑΙ
ΑΦΙΚΝΟΥΝΤΑΙ ΤΗΝ ΠΕΜΠΤΗΝ ΟΙ ΓΟΝΕΙΣ ΤΟΥ ΠΡΙΓΚΗΠΟΣ

ΑΘΗΝΑΙ, 18. — Σήμερον ἀνεκοινώθη ὅτι ἡ πριγκήπισσα Σοφία καὶ ὁ πρίγκηψ Χουὰν Κάρλος θὰ μεταβοῦν κατὰ τὰς ἑορτὰς εἰς Ξεάι. Τὴν Πέμπτην ἀφικνοῦνται οἱ γονεῖς τοῦ πρίγκηπος. Ἡ βασιλικὴ οἰκογένεια θὰ ἑορτάσῃ ὁμοῦ τὰ Χριστούγεννα.

ΒΟΥΛΓΑΡΟΙ ΕΡΓΑΔΑΙ ΕΠΕΧΕΙΡΗΣΑΝ ΝΑ ΔΡΑΠΕΤΕΥΣΟΥΝ ΕΙΣ ΤΟΥΡΚΙΑΝ
ΕΚΛΕΨΑΝ ΕΚ ΤΟΥ ΛΑΥΡΙΟΥ ΜΙΑΝ ΒΕΝΖΙΝΑΚΑΤΟΝ

ΑΘΗΝΑΙ, 18. — Οἱ Βούλγαροι ναυτικοὶ ἐπεχείρησαν νὰ δραπετεύσουν εἰς Τουρκίαν μὲ βενζινάκατον τὴν ὁποίαν ἔκλεψαν ἀπὸ τὸν λιμένα τοῦ Λαυρίου. Συνελήφθησαν ὅμως ὑπὸ τῶν λιμενικῶν ἀρχῶν.

ΛΟΓΩ ΤΗΣ ΟΜΙΧΛΗΣ
Ο ΜΑΚΝΑΜΑΡΑ ΠΡΟΣΕΓΕΙΩΘΗ ΕΙΣ ΤΟ ΝΟΡΦΟΛΚ

ΟΥΑΣΙΓΚΤΩΝ, 18. (Ἀσ. Πρές) — Ὁ ὑπουργὸς Ἀμύνης κ. Μακναμάρα, ἐπιστρέφων ἐκ τῆς Εὐρώπης, προσεγειώθη εἰς τὸ Νόρφολκ λόγῳ τῆς πυκνῆς ὁμίχλης εἰς Οὐάσιγκτων.

ΣΥΝΕΛΗΦΘΗ Ο ΕΠΙΝΟΗΤΗΣ ΤΩΝ ΦΟΥΡΝΩΝ ΤΟΥ ΝΤΑΧΑΟΥ

ΒΙΕΝΝΗ, 18. (Ἀσ. Πρές) — Συνελήφθη ὁ ἐπινοητὴς τῶν κρεματορίων τοῦ στρατοπέδου Νταχάου, ὁ ὁποῖος ἐκρύπτετο ἐπὶ σειρὰν ἐτῶν.

ΦΟΝΕΥΣ ΕΠΕΣΕΒΗ ΚΑΤΑ ΑΠΟ ΝΕΟΝ ΝΟΜΙΣΑΣ ΟΤΙ ΗΝΟΧΛΟΥΝ ΤΗΝ ΣΥΖΥΓΟΝ ΤΟΥ

ΑΘΗΝΑΙ, 18. — Χθὲς εἰς Κορυδαλλὸν ἀνὴρ ἐπετέθη κατὰ νεαροῦ ὑπὸ τὴν ἐντύπωσιν ὅτι οὗτος ἠνώχλει τὴν σύζυγόν του. Ὁ νεαρὸς ἐτραυματίσθη σοβαρῶς.

ΤΟ 1962 ΘΑ ΕΞΟΦΛΗΘΟΥΝ ΥΠΟ ΤΩΝ ΔΗΜΩΝ ΤΑ ΛΗΞΙΠΡΟΘΕΣΜΑ ΔΑΝΕΙΑ ΔΗΜΟΣΙΩΝ ΕΠΕΝΔΥΣΕΩΝ

ΑΘΗΝΑΙ, 18. — Τὸ ὑπουργεῖον Ἐσωτερικῶν ἀνεκοίνωσεν ὅτι κατὰ τὸ 1962 θὰ ἐξοφληθοῦν τὰ ληξιπρόθεσμα δάνεια τῶν δήμων καὶ κοινοτήτων.

293,25 ΔΡΑΧ. Η ΧΡΥΣΗ ΛΙΡΑ ΕΙΣ ΤΗΝ ΘΕΣΣΑΛΟΝΙΚΗΝ ΚΑΙ 292 ΔΡΑΧ. ΕΙΣ ΑΘΗΝΑΣ

Εἰς τὴν χρηματαγορὰν Θεσσαλονίκης ἡ χρυσῆ λίρα ἐσημείωσε χθὲς ἄνοδον, ἐνῷ εἰς Ἀθήνας παρέμεινε σταθερά.

Ἀγγλίας	293,25—293,75
Ἀμερικῆς	239,50—239,75
Φράγκου	235,00—237,00
Ἑλβετίας	235,00—235,50
Ἑλλάδος	233,00—235,00
Ἰταλίας	237,00—239,00
Γαλλίας	315,00—317,00

ΑΘΗΝΑΙ, 18. — Ἡ χρυσῆ λίρα ἐπωλήθη εἰς 292 δρχ.

ΕΙΣ ΤΟΝ ΑΣΤΑΚΟΝ
ΓΥΜΝΑΣΙΑΡΧΗΣ ΕΧΡΗΜΑΤΟΔΟΤΗΣΕ ΤΗΝ ΑΝΕΓΕΡΣΙΝ ΓΥΜΝΑΣΙΟΥ
ΔΙΕΘΕΣΕ ΠΡΟΣ ΤΟΥΤΟ 600.000 ΔΡΑΧΜΑΣ

ΜΕΣΟΛΟΓΓΙΟΝ, 18. — Παρουσία τοῦ νομάρχου ἐτελέσθη χθὲς ἡ θεμελίωσις τοῦ νέου γυμνασίου Ἀστακοῦ, διὰ τὴν ἀνέγερσιν τοῦ ὁποίου ὁ γυμνασιάρχης διέθεσε τὸ ποσὸν τῶν 600.000 δραχμῶν.

ΤΑ ΑΠΟΤΕΛΕΣΜΑΤΑ ΕΝΟΣ «ΜΙΚΡΟΥ ΛΑΘΟΥΣ»

Εἰς τὴν Χονολουλοῦ, τῶν νήσων Χαβάη, ἡ κ. Τζέραλντ Μούνιγκαν, κατὰ τὸ «παρκάρισμα» τοῦ αὐτοκινήτου της ἔκαμε «μικρὸν λάθος». Ἀντὶ νὰ πιέσῃ τὸν μοχλὸν τῆς τροχοπέδης, ἐπίεσε τὸν προωθητῆρα τῆς βενζίνης. Τὸ αὐτοκίνητον ἀνῆλθεν εἰς τὴν ὀροφὴν ἑνὸς ἄλλου. Εἰς τὴν φωτογραφίαν ἡ κ. Μούνιγκαν: «Ἐγὼ τὸ ἔκαμα αὐτό».

Ο ΓΕΡΜΑΝΟΣ ΣΤΡΑΤΗΓΟΣ ΦΟΥ'ΧΤΕΝΓΚΕΡ ΥΠΗΡΞΕ ΚΑΤΑΣΚΟΠΟΣ ΤΗΣ ΣΟΒ. ΡΩΣΙΑΣ
προκαλέσας σοβαρὰς ζημίας
εἰς τὰ συμφέροντα τῆς Δύσεως

ΒΟΝΝΗ, 18. (Ρώυτερ) — Ἐκφράζονται ὑπόνοιαι ὅτι ὁ Γερμανὸς στρατηγὸς Φοὺχτενγκερ, ὁ ὁποῖος ἀπέθανε πρὸ ἡμερῶν, ὑπῆρξε κατάσκοπος τῆς Σοβιετικῆς Ρωσίας, προκαλέσας σοβαρὰς ζημίας εἰς τὰ συμφέροντα τῶν δυτικῶν δυνάμεων. Αἱ ἀρχαὶ τῆς Δυτικῆς Γερμανίας διεξάγουν ἔρευναν.

Κεραυνοβόλος ἐπέμβασις...
ΝΑΥΤΙΚΟΣ ΠΛΗΡΟΦΟΡΗΘΕΙΣ ΕΙΣ ΑΜΕΡΙΚΗΝ ΟΤΙ Η ΕΙΣ ΑΘΗΝΑΣ ΣΥΖΥΓΟΣ ΤΟΥ ΤΟΝ ΗΠΑΤΑ ΕΦΘΑΣΕ ΚΑΙ ΤΗΝ ΣΥΝΕΛΑΒΕΝ ΕΠ' ΑΥΤΟΦΩΡΩ
Ἐξυλοκόπησεν ἀγρίως τὸν ἐραστήν

ΑΘΗΝΑΙ, 18. — Ναυτικός, πληροφορηθείς, ἐνῷ εὑρίσκετο εἰς Ἀμερικήν, ὅτι ἡ σύζυγός του τὸν ἠπάτα, ἐπέστρεψεν ἀεροπορικῶς εἰς Ἀθήνας καὶ τὴν συνέλαβεν ἐπ' αὐτοφώρῳ. Ἀκολούθως ἐξυλοκόπησεν ἀγρίως τὸν ἐραστήν, ὁ ὁποῖος μετεφέρθη εἰς τὸ νοσοκομεῖον.

ΑΘΗΝΑΙ, 18. — Ναυτικός, πληροφορηθείς, ἐνῷ εὑρίσκετο εἰς Ἀμερικήν, ὅτι ἡ σύζυγός του τὸν ἠπάτα, ἐπέστρεψεν ἀεροπορικῶς εἰς Ἀθήνας καὶ τὴν συνέλαβεν ἐπ' αὐτοφώρῳ. Ἀκολούθως ἐξυλοκόπησεν ἀγρίως τὸν ἐραστήν, ὁ ὁποῖος μετεφέρθη εἰς τὸ νοσοκομεῖον.

ΤΗΝ ΗΜΕΡΑΝ ΤΩΝ ΧΡΙΣΤΟΥΓΕΝΝΩΝ ΘΑ ΓΝΩΣΘΗ Η ΑΚΡΙΒΗΣ ΗΜΕΡΗΣΙΑ ΕΝΑΡΞΕΩΣ ΤΗΣ ΟΙΚΟΥΜΕΝΙΚΗΣ ΣΥΝΟΔΟΥ ΤΩΝ ΚΑΘΟΛΙΚΩΝ

ΠΟΛΙΣ ΤΟΥ ΒΑΤΙΚΑΝΟΥ, 18. (Ἀσ. Πρές) — Ὁ Πάπας Ἰωάννης ὁ 23ος θὰ ἀνακοινώσῃ τὴν ἡμέραν τῶν Χριστουγέννων τὴν ἀκριβῆ ἡμερομηνίαν τῆς ἐνάρξεως τῶν ἐργασιῶν τῆς Οἰκουμενικῆς Συνόδου τῶν Καθολικῶν.

ΠΟΛΙΣ ΤΟΥ ΒΑΤΙΚΑΝΟΥ, 18. (Ἀσ. Πρές) — Ὁ Πάπας Ἰωάννης ὁ 23ος θὰ ἀνακοινώσῃ τὴν ἡμέραν τῶν Χριστουγέννων τὴν ἀκριβῆ ἡμερομηνίαν τῆς ἐνάρξεως τῶν ἐργασιῶν τῆς Οἰκουμενικῆς Συνόδου τῶν Καθολικῶν.

ΟΙ ΓΟΝΕΙΣ ΚΑΙ ΔΙΔΑΣΚΑΛΟΙ ΑΝΤΙΘΕΤΟΝΤΑΙ ΕΙΣ ΤΗΝ ΧΡΗΣΙΜΟΠΟΙΗΣΙΝ ΤΩΝ ΜΑΘΗΤΩΝ ΔΙΑ ΤΑ ΥΠΕΡ ΤΗΣ ΠΡΟΙΚΟΔΟΤΗΣΕΩΣ ΚΑΛΑΝΔΑ

ΑΘΗΝΑΙ, 18. — Ἡ Ὁμοσπονδία γονέων καὶ ἡ Διδασκαλικὴ Ὁμοσπονδία ἐξέφρασαν τὴν ἀντίθεσίν των εἰς τὴν χρησιμοποίησιν τῶν μαθητῶν διὰ τὴν συλλογὴν χρημάτων μὲ τὰ κάλαντα ὑπὲρ τῆς προικοδοτήσεως.

ΑΘΗΝΑΙ, 18. — Ἡ Ὁμοσπονδία γονέων καὶ ἡ Διδασκαλικὴ Ὁμοσπονδία ἐξέφρασαν τὴν ἀντίθεσίν των εἰς τὴν χρησιμοποίησιν τῶν μαθητῶν διὰ τὴν συλλογὴν χρημάτων μὲ τὰ κάλαντα ὑπὲρ τῆς προικοδοτήσεως.

ΔΕΚΑ ΕΞ ΝΕΑΙ ΠΕΤΡΕΛΑΙΟΠΗΓΑΙ ΕΙΣ ΤΟ ΙΡΑΚ ΠΑΡΑΜΕΝΟΥΣΙ ΣΗΜΕΡΟΝ ΕΝ ΕΦΕΔΡΕΙΑ ΘΑ ΚΑΤΑΣΤΗΣΟΥΝ ΠΛΟΥΣΙΟΝ ΤΟ ΚΡΑΤΙΔΙΟΝ

ΒΑΓΔΑΤΗ, 18. (Ρώυτερ) — Κατὰ πληροφορίας 16 νέαι πετρελαιοπηγαὶ ἀνεκαλύφθησαν εἰς τὸ Ἰράκ, αἱ ὁποῖαι θὰ θέσουν εἰς ἐκμετάλλευσιν ἐντὸς τοῦ ἐπομένου ἔτους.

ΒΑΓΔΑΤΗ, 18. (Ρώυτερ) — Κατὰ πληροφορίας 16 νέαι πετρελαιοπηγαὶ ἀνεκαλύφθησαν εἰς τὸ Ἰράκ, αἱ ὁποῖαι θὰ θέσουν εἰς ἐκμετάλλευσιν ἐντὸς τοῦ ἐπομένου ἔτους.

ΕΞ ΤΡΑΥΜΑΤΙΑΙ ΕΚ ΤΡΟΧΑΙΩΝ ΑΤΥΧΗΜΑΤΩΝ ΕΙΣ ΘΕΣΣΑΛΟΝΙΚΗΝ ΚΑΙ ΤΗΝ ΥΠΑΙΘΡΟΝ

Τὴν 6.30' μ.μ. χθὲς, ἐπὶ τῆς ὁδοῦ Ἐγνατίας, αὐτοκίνητον παρέσυρε τὸν πεζὸν Ἀθανάσιον Κοντοπίδην, ὁ ὁποῖος ἐτραυματίσθη ἐλαφρῶς. Ἐπίσης εἰς τὴν ὁδὸν Μοναστηρίου μοτοσυκλέτα συνεκρούσθη μετὰ φορτηγοῦ. Ἐν συνόλῳ ἐτραυματίσθησαν ἓξ πρόσωπα.

Μετὰ τὴς σχηματοθέσεως δικογραφίας
ΠΑΡΕΠΕΜΦΘΗ ΕΙΣ ΤΟΝ ΕΙΣΑΓΓΕΛΕΑ Ο ΝΕΑΡΟΣ ΑΠΑΤΕΩΝ ΤΩΝ ΤΡΑΠΕΖΩΝ
Ἔλαβεν εἰκοσιτετράωρον προθεσμίαν
καὶ οὕτω θὰ ἀπολογηθῇ σήμερον

Προχθὲς ἀπὸ τὸ ἀπόγευμα τὴν σύλληψιν τοῦ νεαροῦ ἀπατεῶνος, ὁ ὁποῖος ἐξηπάτησε διαφόρους τραπεζικοὺς ὑπαλλήλους, αἱ ἀρχαὶ κατήρτισαν δικογραφίαν. Χθὲς παρεπέμφθη εἰς τὸν εἰσαγγελέα καὶ ἔλαβε προθεσμίαν εἰκοσιτεσσάρων ὡρῶν.
